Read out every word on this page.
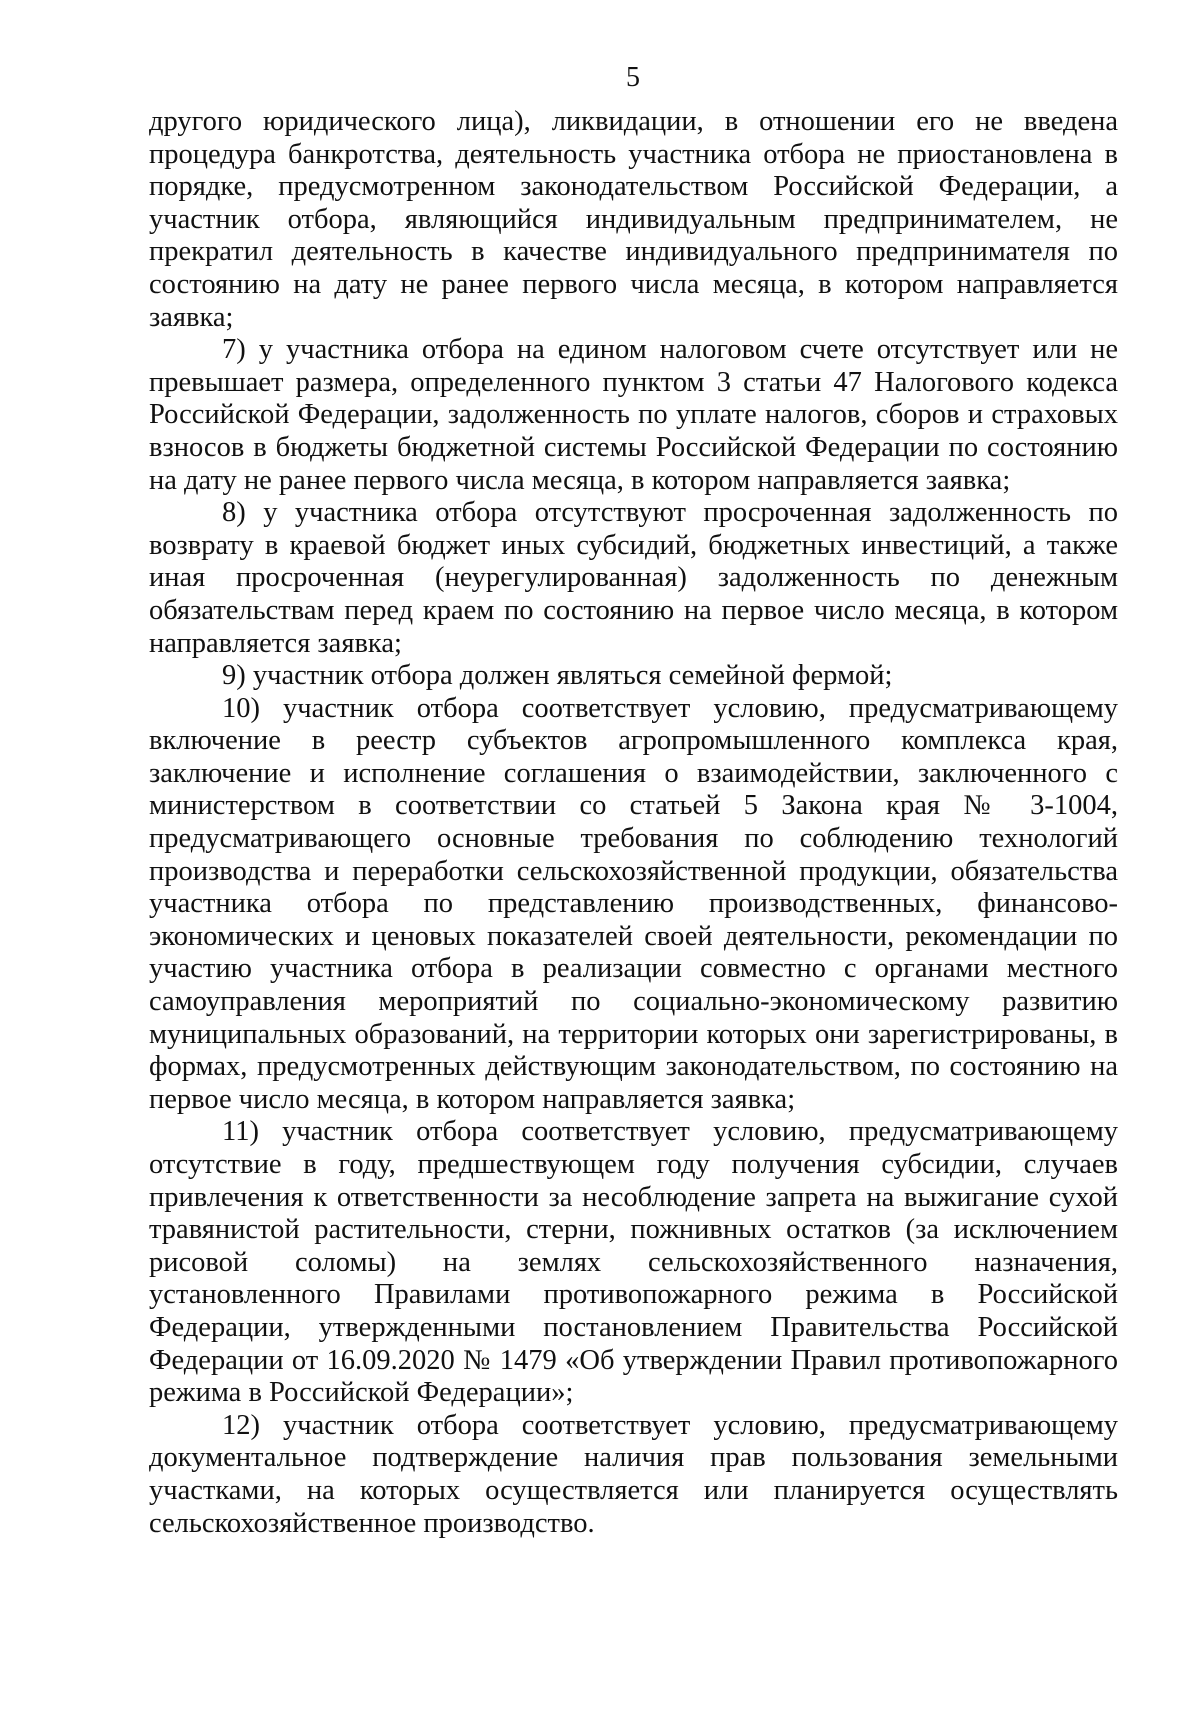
5

другого юридического лица), ликвидации, в отношении его не введена процедура банкротства, деятельность участника отбора не приостановлена в порядке, предусмотренном законодательством Российской Федерации, а участник отбора, являющийся индивидуальным предпринимателем, не прекратил деятельность в качестве индивидуального предпринимателя по состоянию на дату не ранее первого числа месяца, в котором направляется заявка;

7) у участника отбора на едином налоговом счете отсутствует или не превышает размера, определенного пунктом 3 статьи 47 Налогового кодекса Российской Федерации, задолженность по уплате налогов, сборов и страховых взносов в бюджеты бюджетной системы Российской Федерации по состоянию на дату не ранее первого числа месяца, в котором направляется заявка;

8) у участника отбора отсутствуют просроченная задолженность по возврату в краевой бюджет иных субсидий, бюджетных инвестиций, а также иная просроченная (неурегулированная) задолженность по денежным обязательствам перед краем по состоянию на первое число месяца, в котором направляется заявка;

9) участник отбора должен являться семейной фермой;

10) участник отбора соответствует условию, предусматривающему включение в реестр субъектов агропромышленного комплекса края, заключение и исполнение соглашения о взаимодействии, заключенного с министерством в соответствии со статьей 5 Закона края № 3-1004, предусматривающего основные требования по соблюдению технологий производства и переработки сельскохозяйственной продукции, обязательства участника отбора по представлению производственных, финансово-экономических и ценовых показателей своей деятельности, рекомендации по участию участника отбора в реализации совместно с органами местного самоуправления мероприятий по социально-экономическому развитию муниципальных образований, на территории которых они зарегистрированы, в формах, предусмотренных действующим законодательством, по состоянию на первое число месяца, в котором направляется заявка;

11) участник отбора соответствует условию, предусматривающему отсутствие в году, предшествующем году получения субсидии, случаев привлечения к ответственности за несоблюдение запрета на выжигание сухой травянистой растительности, стерни, пожнивных остатков (за исключением рисовой соломы) на землях сельскохозяйственного назначения, установленного Правилами противопожарного режима в Российской Федерации, утвержденными постановлением Правительства Российской Федерации от 16.09.2020 № 1479 «Об утверждении Правил противопожарного режима в Российской Федерации»;

12) участник отбора соответствует условию, предусматривающему документальное подтверждение наличия прав пользования земельными участками, на которых осуществляется или планируется осуществлять сельскохозяйственное производство.
